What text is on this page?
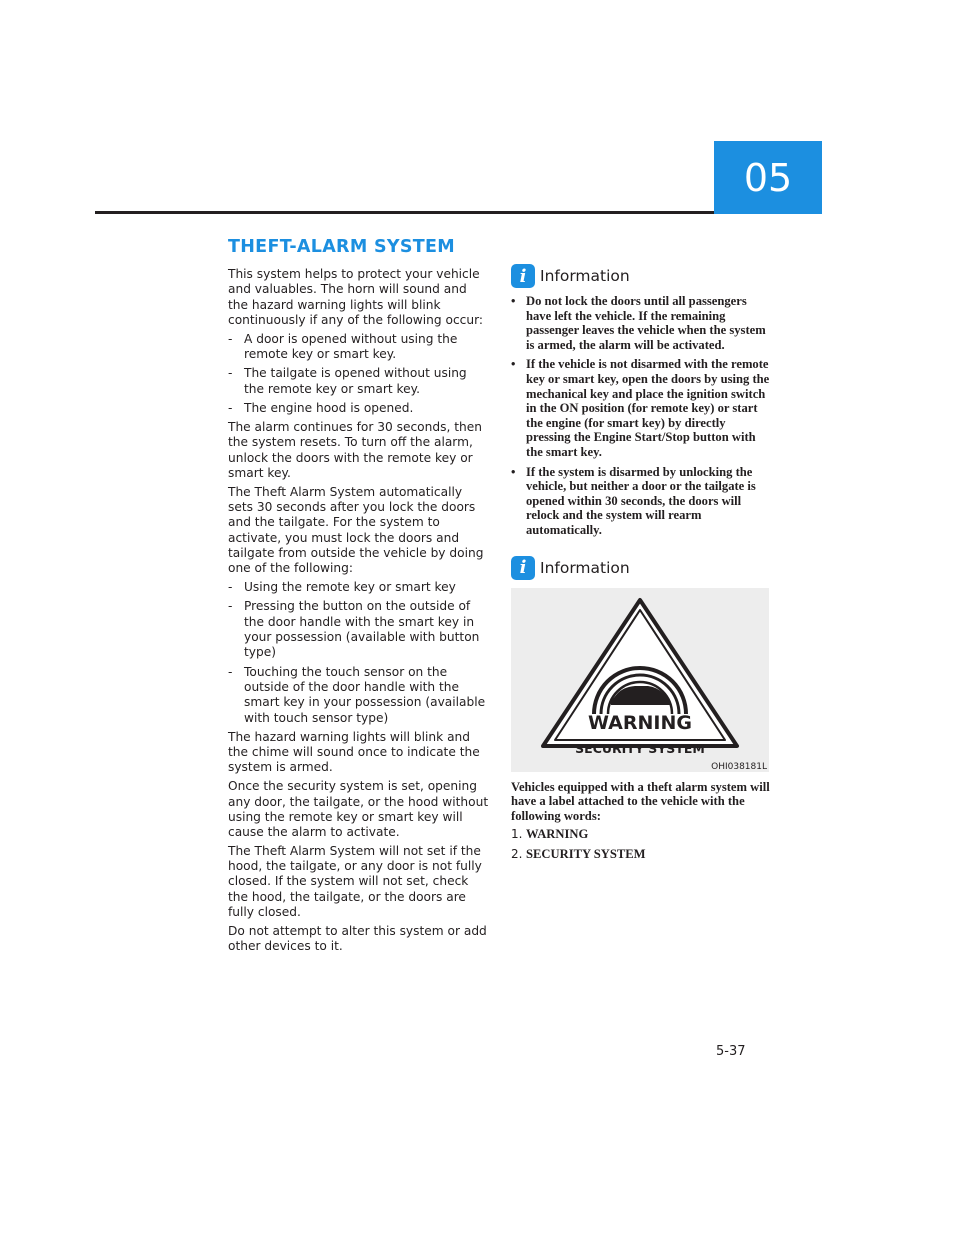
05
THEFT-ALARM SYSTEM

This system helps to protect your vehicle and valuables. The horn will sound and the hazard warning lights will blink continuously if any of the following occur:

- A door is opened without using the remote key or smart key.
- The tailgate is opened without using the remote key or smart key.
- The engine hood is opened.

The alarm continues for 30 seconds, then the system resets. To turn off the alarm, unlock the doors with the remote key or smart key.

The Theft Alarm System automatically sets 30 seconds after you lock the doors and the tailgate. For the system to activate, you must lock the doors and tailgate from outside the vehicle by doing one of the following:

- Using the remote key or smart key
- Pressing the button on the outside of the door handle with the smart key in your possession (available with button type)
- Touching the touch sensor on the outside of the door handle with the smart key in your possession (available with touch sensor type)

The hazard warning lights will blink and the chime will sound once to indicate the system is armed.

Once the security system is set, opening any door, the tailgate, or the hood without using the remote key or smart key will cause the alarm to activate.

The Theft Alarm System will not set if the hood, the tailgate, or any door is not fully closed. If the system will not set, check the hood, the tailgate, or the doors are fully closed.

Do not attempt to alter this system or add other devices to it.

i Information
• Do not lock the doors until all passengers have left the vehicle. If the remaining passenger leaves the vehicle when the system is armed, the alarm will be activated.
• If the vehicle is not disarmed with the remote key or smart key, open the doors by using the mechanical key and place the ignition switch in the ON position (for remote key) or start the engine (for smart key) by directly pressing the Engine Start/Stop button with the smart key.
• If the system is disarmed by unlocking the vehicle, but neither a door or the tailgate is opened within 30 seconds, the doors will relock and the system will rearm automatically.
i Information
WARNING
SECURITY SYSTEM
OHI038181L

Vehicles equipped with a theft alarm system will have a label attached to the vehicle with the following words:

1. WARNING
2. SECURITY SYSTEM
5-37
